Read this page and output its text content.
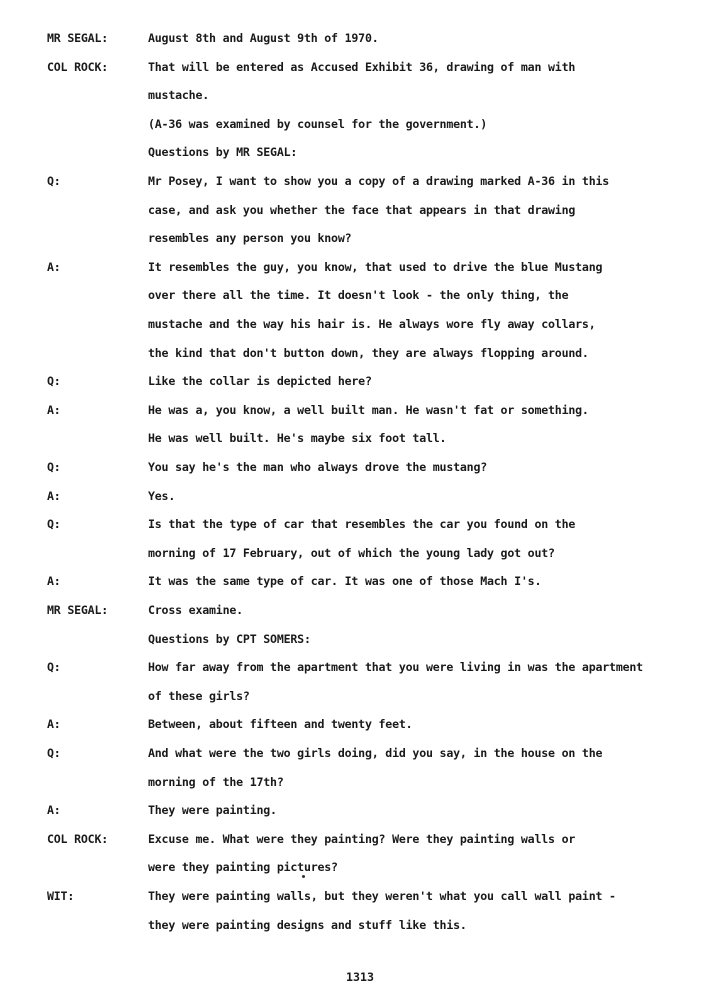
MR SEGAL:	August 8th and August 9th of 1970.
COL ROCK:	That will be entered as Accused Exhibit 36, drawing of man with
mustache.
(A-36 was examined by counsel for the government.)
Questions by MR SEGAL:
Q:	Mr Posey, I want to show you a copy of a drawing marked A-36 in this
case, and ask you whether the face that appears in that drawing
resembles any person you know?
A:	It resembles the guy, you know, that used to drive the blue Mustang
over there all the time. It doesn't look - the only thing, the
mustache and the way his hair is. He always wore fly away collars,
the kind that don't button down, they are always flopping around.
Q:	Like the collar is depicted here?
A:	He was a, you know, a well built man. He wasn't fat or something.
He was well built. He's maybe six foot tall.
Q:	You say he's the man who always drove the mustang?
A:	Yes.
Q:	Is that the type of car that resembles the car you found on the
morning of 17 February, out of which the young lady got out?
A:	It was the same type of car. It was one of those Mach I's.
MR SEGAL:	Cross examine.
Questions by CPT SOMERS:
Q:	How far away from the apartment that you were living in was the apartment
of these girls?
A:	Between, about fifteen and twenty feet.
Q:	And what were the two girls doing, did you say, in the house on the
morning of the 17th?
A:	They were painting.
COL ROCK:	Excuse me. What were they painting? Were they painting walls or
were they painting pictures?
WIT:	They were painting walls, but they weren't what you call wall paint -
they were painting designs and stuff like this.
1313
